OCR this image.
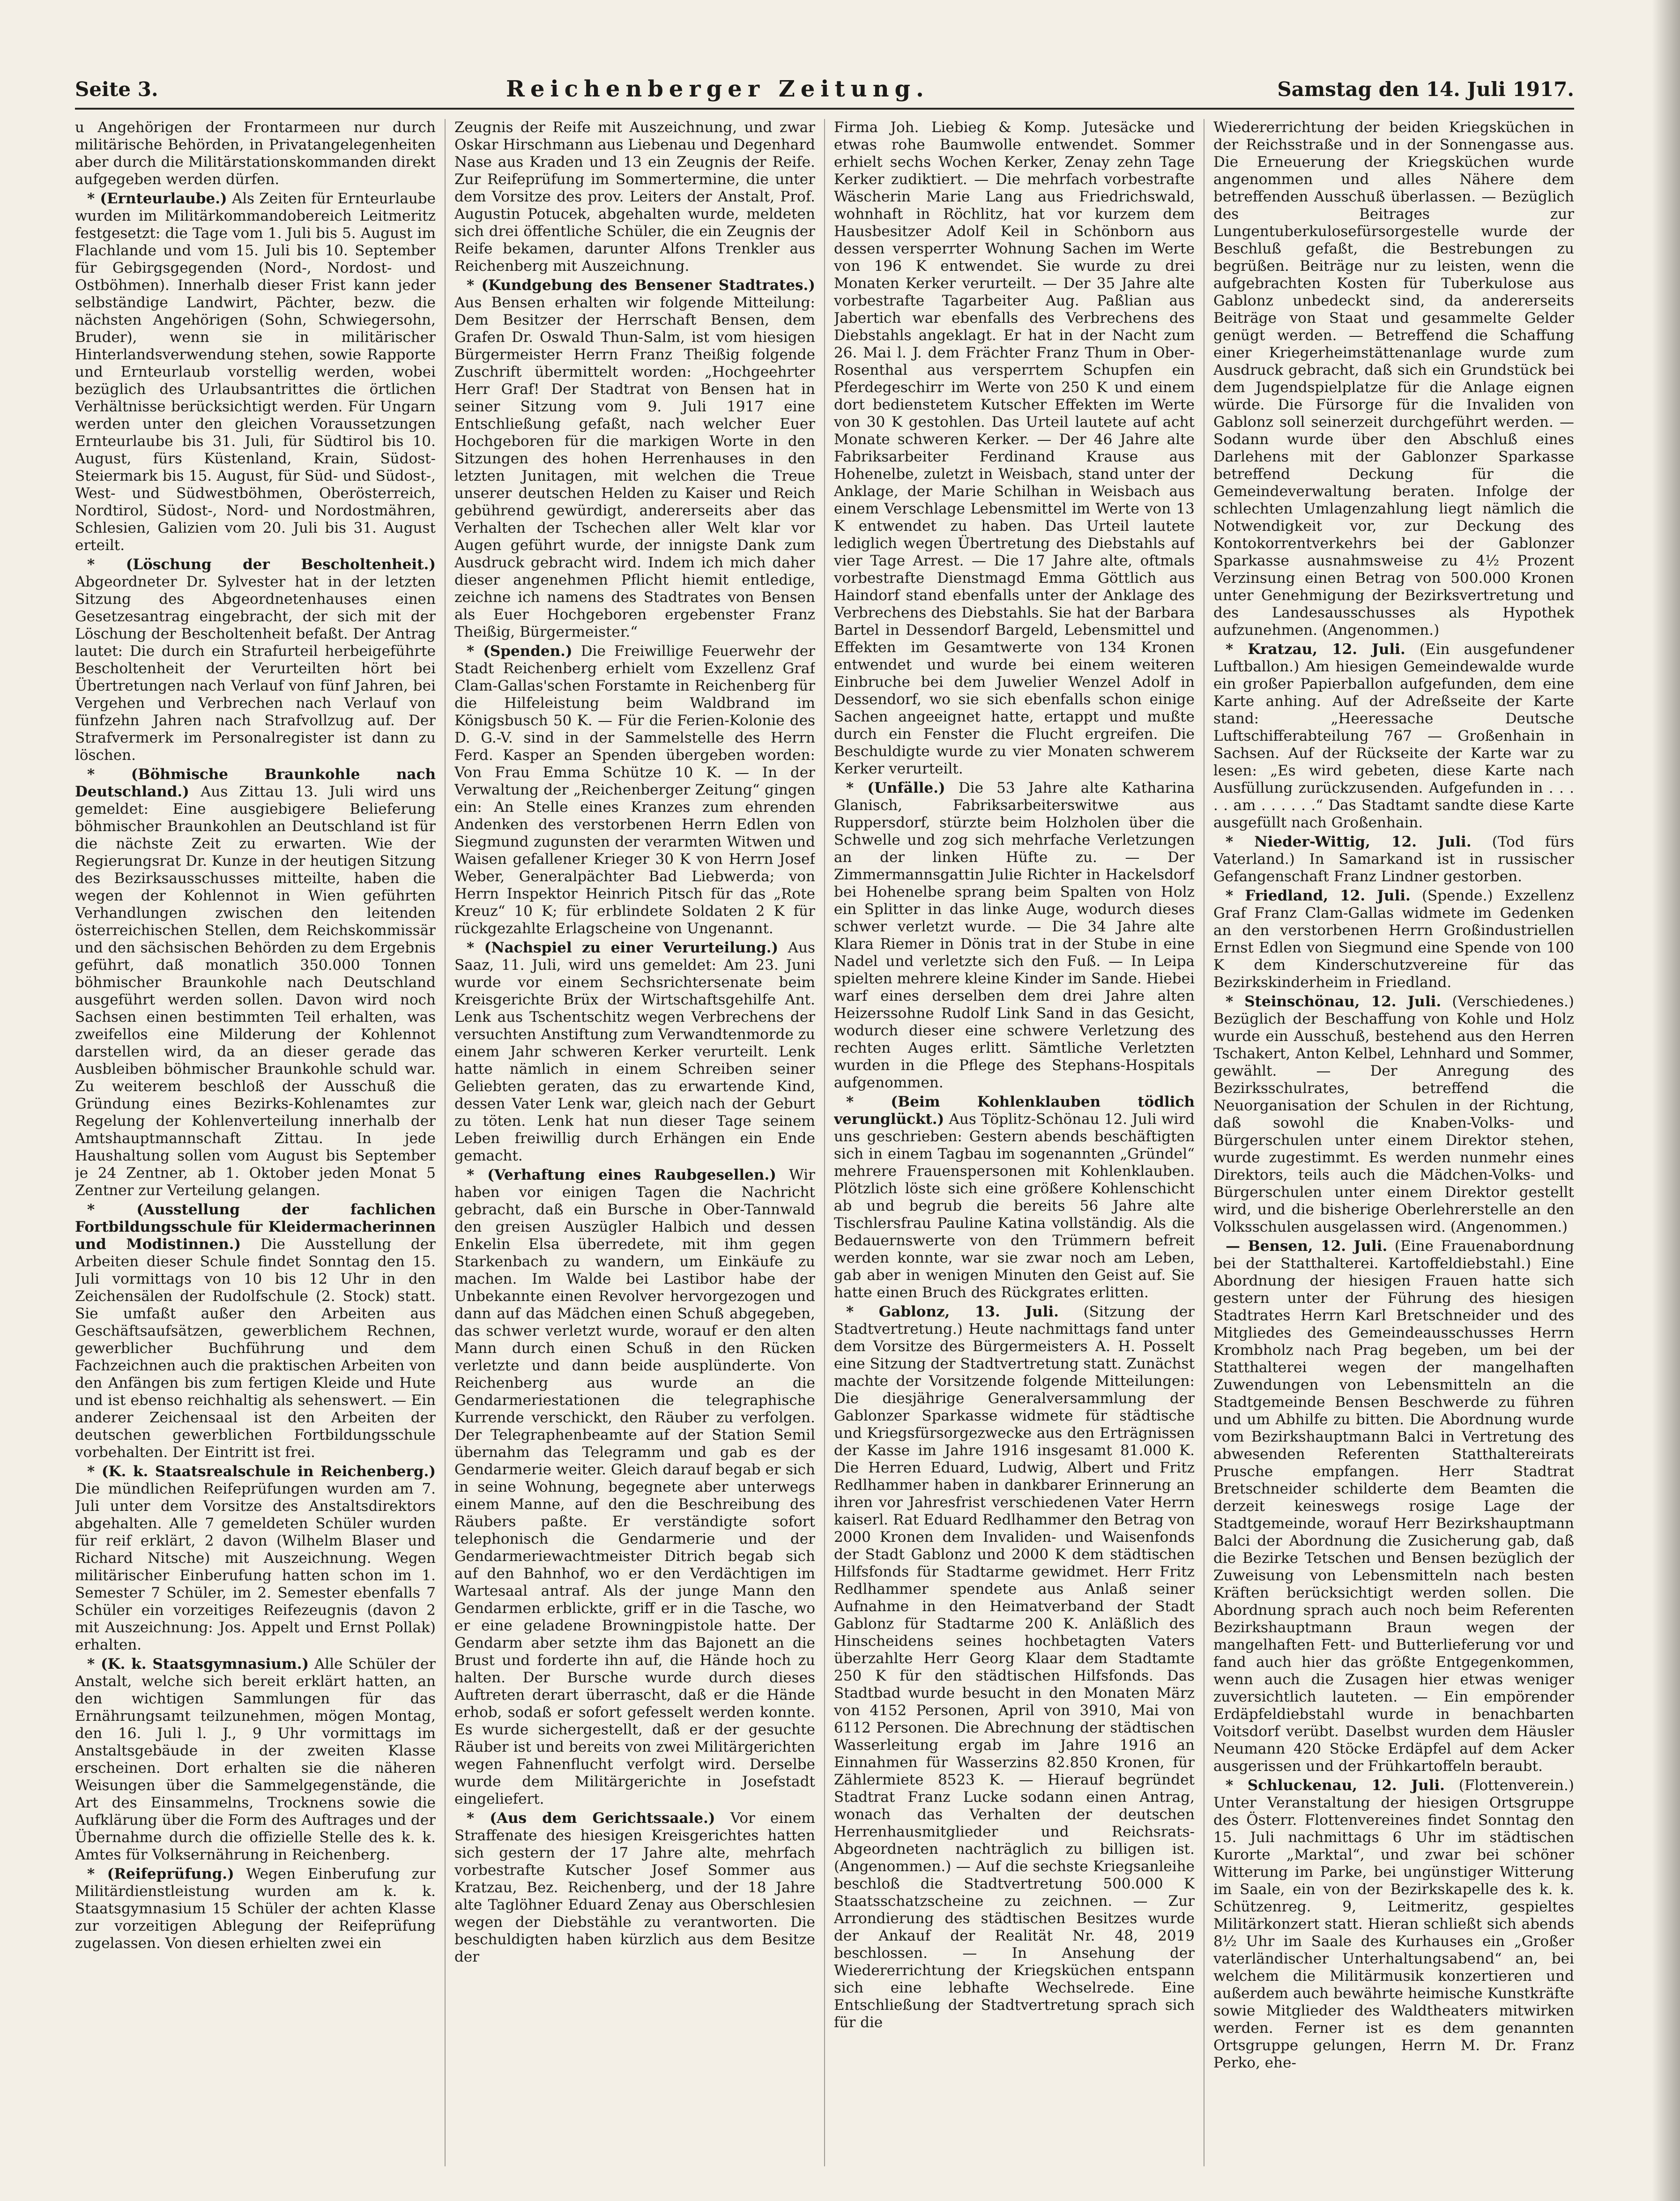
Seite 3.	Reichenberger Zeitung.	Samstag den 14. Juli 1917.

u Angehörigen der Frontarmeen nur durch militärische Behörden, in Privatangelegenheiten aber durch die Militärstationskommanden direkt aufgegeben werden dürfen.

* (Ernteurlaube.) Als Zeiten für Ernteurlaube wurden im Militärkommandobereich Leitmeritz festgesetzt: die Tage vom 1. Juli bis 5. August im Flachlande und vom 15. Juli bis 10. September für Gebirgsgegenden (Nord-, Nordost- und Ostböhmen). Innerhalb dieser Frist kann jeder selbständige Landwirt, Pächter, bezw. die nächsten Angehörigen (Sohn, Schwiegersohn, Bruder), wenn sie in militärischer Hinterlandsverwendung stehen, sowie Rapporte und Ernteurlaub vorstellig werden, wobei bezüglich des Urlaubsantrittes die örtlichen Verhältnisse berücksichtigt werden. Für Ungarn werden unter den gleichen Voraussetzungen Ernteurlaube bis 31. Juli, für Südtirol bis 10. August, fürs Küstenland, Krain, Südost-Steiermark bis 15. August, für Süd- und Südost-, West- und Südwestböhmen, Oberösterreich, Nordtirol, Südost-, Nord- und Nordostmähren, Schlesien, Galizien vom 20. Juli bis 31. August erteilt.

* (Löschung der Bescholtenheit.) Abgeordneter Dr. Sylvester hat in der letzten Sitzung des Abgeordnetenhauses einen Gesetzesantrag eingebracht, der sich mit der Löschung der Bescholtenheit befaßt. Der Antrag lautet: Die durch ein Strafurteil herbeigeführte Bescholtenheit der Verurteilten hört bei Übertretungen nach Verlauf von fünf Jahren, bei Vergehen und Verbrechen nach Verlauf von fünfzehn Jahren nach Strafvollzug auf. Der Strafvermerk im Personalregister ist dann zu löschen.

* (Böhmische Braunkohle nach Deutschland.) Aus Zittau 13. Juli wird uns gemeldet: Eine ausgiebigere Belieferung böhmischer Braunkohlen an Deutschland ist für die nächste Zeit zu erwarten. Wie der Regierungsrat Dr. Kunze in der heutigen Sitzung des Bezirksausschusses mitteilte, haben die wegen der Kohlennot in Wien geführten Verhandlungen zwischen den leitenden österreichischen Stellen, dem Reichskommissär und den sächsischen Behörden zu dem Ergebnis geführt, daß monatlich 350.000 Tonnen böhmischer Braunkohle nach Deutschland ausgeführt werden sollen. Davon wird noch Sachsen einen bestimmten Teil erhalten, was zweifellos eine Milderung der Kohlennot darstellen wird, da an dieser gerade das Ausbleiben böhmischer Braunkohle schuld war. Zu weiterem beschloß der Ausschuß die Gründung eines Bezirks-Kohlenamtes zur Regelung der Kohlenverteilung innerhalb der Amtshauptmannschaft Zittau. In jede Haushaltung sollen vom August bis September je 24 Zentner, ab 1. Oktober jeden Monat 5 Zentner zur Verteilung gelangen.

* (Ausstellung der fachlichen Fortbildungsschule für Kleidermacherinnen und Modistinnen.) Die Ausstellung der Arbeiten dieser Schule findet Sonntag den 15. Juli vormittags von 10 bis 12 Uhr in den Zeichensälen der Rudolfschule (2. Stock) statt. Sie umfaßt außer den Arbeiten aus Geschäftsaufsätzen, gewerblichem Rechnen, gewerblicher Buchführung und dem Fachzeichnen auch die praktischen Arbeiten von den Anfängen bis zum fertigen Kleide und Hute und ist ebenso reichhaltig als sehenswert. — Ein anderer Zeichensaal ist den Arbeiten der deutschen gewerblichen Fortbildungsschule vorbehalten. Der Eintritt ist frei.

* (K. k. Staatsrealschule in Reichenberg.) Die mündlichen Reifeprüfungen wurden am 7. Juli unter dem Vorsitze des Anstaltsdirektors abgehalten. Alle 7 gemeldeten Schüler wurden für reif erklärt, 2 davon (Wilhelm Blaser und Richard Nitsche) mit Auszeichnung. Wegen militärischer Einberufung hatten schon im 1. Semester 7 Schüler, im 2. Semester ebenfalls 7 Schüler ein vorzeitiges Reifezeugnis (davon 2 mit Auszeichnung: Jos. Appelt und Ernst Pollak) erhalten.

* (K. k. Staatsgymnasium.) Alle Schüler der Anstalt, welche sich bereit erklärt hatten, an den wichtigen Sammlungen für das Ernährungsamt teilzunehmen, mögen Montag, den 16. Juli l. J., 9 Uhr vormittags im Anstaltsgebäude in der zweiten Klasse erscheinen. Dort erhalten sie die näheren Weisungen über die Sammelgegenstände, die Art des Einsammelns, Trocknens sowie die Aufklärung über die Form des Auftrages und der Übernahme durch die offizielle Stelle des k. k. Amtes für Volksernährung in Reichenberg.

* (Reifeprüfung.) Wegen Einberufung zur Militärdienstleistung wurden am k. k. Staatsgymnasium 15 Schüler der achten Klasse zur vorzeitigen Ablegung der Reifeprüfung zugelassen. Von diesen erhielten zwei ein

Zeugnis der Reife mit Auszeichnung, und zwar Oskar Hirschmann aus Liebenau und Degenhard Nase aus Kraden und 13 ein Zeugnis der Reife. Zur Reifeprüfung im Sommertermine, die unter dem Vorsitze des prov. Leiters der Anstalt, Prof. Augustin Potucek, abgehalten wurde, meldeten sich drei öffentliche Schüler, die ein Zeugnis der Reife bekamen, darunter Alfons Trenkler aus Reichenberg mit Auszeichnung.

* (Kundgebung des Bensener Stadtrates.) Aus Bensen erhalten wir folgende Mitteilung: Dem Besitzer der Herrschaft Bensen, dem Grafen Dr. Oswald Thun-Salm, ist vom hiesigen Bürgermeister Herrn Franz Theißig folgende Zuschrift übermittelt worden: „Hochgeehrter Herr Graf! Der Stadtrat von Bensen hat in seiner Sitzung vom 9. Juli 1917 eine Entschließung gefaßt, nach welcher Euer Hochgeboren für die markigen Worte in den Sitzungen des hohen Herrenhauses in den letzten Junitagen, mit welchen die Treue unserer deutschen Helden zu Kaiser und Reich gebührend gewürdigt, andererseits aber das Verhalten der Tschechen aller Welt klar vor Augen geführt wurde, der innigste Dank zum Ausdruck gebracht wird. Indem ich mich daher dieser angenehmen Pflicht hiemit entledige, zeichne ich namens des Stadtrates von Bensen als Euer Hochgeboren ergebenster Franz Theißig, Bürgermeister.“

* (Spenden.) Die Freiwillige Feuerwehr der Stadt Reichenberg erhielt vom Exzellenz Graf Clam-Gallas'schen Forstamte in Reichenberg für die Hilfeleistung beim Waldbrand im Königsbusch 50 K. — Für die Ferien-Kolonie des D. G.-V. sind in der Sammelstelle des Herrn Ferd. Kasper an Spenden übergeben worden: Von Frau Emma Schütze 10 K. — In der Verwaltung der „Reichenberger Zeitung“ gingen ein: An Stelle eines Kranzes zum ehrenden Andenken des verstorbenen Herrn Edlen von Siegmund zugunsten der verarmten Witwen und Waisen gefallener Krieger 30 K von Herrn Josef Weber, Generalpächter Bad Liebwerda; von Herrn Inspektor Heinrich Pitsch für das „Rote Kreuz“ 10 K; für erblindete Soldaten 2 K für rückgezahlte Erlagscheine von Ungenannt.

* (Nachspiel zu einer Verurteilung.) Aus Saaz, 11. Juli, wird uns gemeldet: Am 23. Juni wurde vor einem Sechsrichtersenate beim Kreisgerichte Brüx der Wirtschaftsgehilfe Ant. Lenk aus Tschentschitz wegen Verbrechens der versuchten Anstiftung zum Verwandtenmorde zu einem Jahr schweren Kerker verurteilt. Lenk hatte nämlich in einem Schreiben seiner Geliebten geraten, das zu erwartende Kind, dessen Vater Lenk war, gleich nach der Geburt zu töten. Lenk hat nun dieser Tage seinem Leben freiwillig durch Erhängen ein Ende gemacht.

* (Verhaftung eines Raubgesellen.) Wir haben vor einigen Tagen die Nachricht gebracht, daß ein Bursche in Ober-Tannwald den greisen Auszügler Halbich und dessen Enkelin Elsa überredete, mit ihm gegen Starkenbach zu wandern, um Einkäufe zu machen. Im Walde bei Lastibor habe der Unbekannte einen Revolver hervorgezogen und dann auf das Mädchen einen Schuß abgegeben, das schwer verletzt wurde, worauf er den alten Mann durch einen Schuß in den Rücken verletzte und dann beide ausplünderte. Von Reichenberg aus wurde an die Gendarmeriestationen die telegraphische Kurrende verschickt, den Räuber zu verfolgen. Der Telegraphenbeamte auf der Station Semil übernahm das Telegramm und gab es der Gendarmerie weiter. Gleich darauf begab er sich in seine Wohnung, begegnete aber unterwegs einem Manne, auf den die Beschreibung des Räubers paßte. Er verständigte sofort telephonisch die Gendarmerie und der Gendarmeriewachtmeister Ditrich begab sich auf den Bahnhof, wo er den Verdächtigen im Wartesaal antraf. Als der junge Mann den Gendarmen erblickte, griff er in die Tasche, wo er eine geladene Browningpistole hatte. Der Gendarm aber setzte ihm das Bajonett an die Brust und forderte ihn auf, die Hände hoch zu halten. Der Bursche wurde durch dieses Auftreten derart überrascht, daß er die Hände erhob, sodaß er sofort gefesselt werden konnte. Es wurde sichergestellt, daß er der gesuchte Räuber ist und bereits von zwei Militärgerichten wegen Fahnenflucht verfolgt wird. Derselbe wurde dem Militärgerichte in Josefstadt eingeliefert.

* (Aus dem Gerichtssaale.) Vor einem Straffenate des hiesigen Kreisgerichtes hatten sich gestern der 17 Jahre alte, mehrfach vorbestrafte Kutscher Josef Sommer aus Kratzau, Bez. Reichenberg, und der 18 Jahre alte Taglöhner Eduard Zenay aus Oberschlesien wegen der Diebstähle zu verantworten. Die beschuldigten haben kürzlich aus dem Besitze der

Firma Joh. Liebieg & Komp. Jutesäcke und etwas rohe Baumwolle entwendet. Sommer erhielt sechs Wochen Kerker, Zenay zehn Tage Kerker zudiktiert. — Die mehrfach vorbestrafte Wäscherin Marie Lang aus Friedrichswald, wohnhaft in Röchlitz, hat vor kurzem dem Hausbesitzer Adolf Keil in Schönborn aus dessen versperrter Wohnung Sachen im Werte von 196 K entwendet. Sie wurde zu drei Monaten Kerker verurteilt. — Der 35 Jahre alte vorbestrafte Tagarbeiter Aug. Paßlian aus Jabertich war ebenfalls des Verbrechens des Diebstahls angeklagt. Er hat in der Nacht zum 26. Mai l. J. dem Frächter Franz Thum in Ober-Rosenthal aus versperrtem Schupfen ein Pferdegeschirr im Werte von 250 K und einem dort bedienstetem Kutscher Effekten im Werte von 30 K gestohlen. Das Urteil lautete auf acht Monate schweren Kerker. — Der 46 Jahre alte Fabriksarbeiter Ferdinand Krause aus Hohenelbe, zuletzt in Weisbach, stand unter der Anklage, der Marie Schilhan in Weisbach aus einem Verschlage Lebensmittel im Werte von 13 K entwendet zu haben. Das Urteil lautete lediglich wegen Übertretung des Diebstahls auf vier Tage Arrest. — Die 17 Jahre alte, oftmals vorbestrafte Dienstmagd Emma Göttlich aus Haindorf stand ebenfalls unter der Anklage des Verbrechens des Diebstahls. Sie hat der Barbara Bartel in Dessendorf Bargeld, Lebensmittel und Effekten im Gesamtwerte von 134 Kronen entwendet und wurde bei einem weiteren Einbruche bei dem Juwelier Wenzel Adolf in Dessendorf, wo sie sich ebenfalls schon einige Sachen angeeignet hatte, ertappt und mußte durch ein Fenster die Flucht ergreifen. Die Beschuldigte wurde zu vier Monaten schwerem Kerker verurteilt.

* (Unfälle.) Die 53 Jahre alte Katharina Glanisch, Fabriksarbeiterswitwe aus Ruppersdorf, stürzte beim Holzholen über die Schwelle und zog sich mehrfache Verletzungen an der linken Hüfte zu. — Der Zimmermannsgattin Julie Richter in Hackelsdorf bei Hohenelbe sprang beim Spalten von Holz ein Splitter in das linke Auge, wodurch dieses schwer verletzt wurde. — Die 34 Jahre alte Klara Riemer in Dönis trat in der Stube in eine Nadel und verletzte sich den Fuß. — In Leipa spielten mehrere kleine Kinder im Sande. Hiebei warf eines derselben dem drei Jahre alten Heizerssohne Rudolf Link Sand in das Gesicht, wodurch dieser eine schwere Verletzung des rechten Auges erlitt. Sämtliche Verletzten wurden in die Pflege des Stephans-Hospitals aufgenommen.

* (Beim Kohlenklauben tödlich verunglückt.) Aus Töplitz-Schönau 12. Juli wird uns geschrieben: Gestern abends beschäftigten sich in einem Tagbau im sogenannten „Gründel“ mehrere Frauenspersonen mit Kohlenklauben. Plötzlich löste sich eine größere Kohlenschicht ab und begrub die bereits 56 Jahre alte Tischlersfrau Pauline Katina vollständig. Als die Bedauernswerte von den Trümmern befreit werden konnte, war sie zwar noch am Leben, gab aber in wenigen Minuten den Geist auf. Sie hatte einen Bruch des Rückgrates erlitten.

* Gablonz, 13. Juli. (Sitzung der Stadtvertretung.) Heute nachmittags fand unter dem Vorsitze des Bürgermeisters A. H. Posselt eine Sitzung der Stadtvertretung statt. Zunächst machte der Vorsitzende folgende Mitteilungen: Die diesjährige Generalversammlung der Gablonzer Sparkasse widmete für städtische und Kriegsfürsorgezwecke aus den Erträgnissen der Kasse im Jahre 1916 insgesamt 81.000 K. Die Herren Eduard, Ludwig, Albert und Fritz Redlhammer haben in dankbarer Erinnerung an ihren vor Jahresfrist verschiedenen Vater Herrn kaiserl. Rat Eduard Redlhammer den Betrag von 2000 Kronen dem Invaliden- und Waisenfonds der Stadt Gablonz und 2000 K dem städtischen Hilfsfonds für Stadtarme gewidmet. Herr Fritz Redlhammer spendete aus Anlaß seiner Aufnahme in den Heimatverband der Stadt Gablonz für Stadtarme 200 K. Anläßlich des Hinscheidens seines hochbetagten Vaters überzahlte Herr Georg Klaar dem Stadtamte 250 K für den städtischen Hilfsfonds. Das Stadtbad wurde besucht in den Monaten März von 4152 Personen, April von 3910, Mai von 6112 Personen. Die Abrechnung der städtischen Wasserleitung ergab im Jahre 1916 an Einnahmen für Wasserzins 82.850 Kronen, für Zählermiete 8523 K. — Hierauf begründet Stadtrat Franz Lucke sodann einen Antrag, wonach das Verhalten der deutschen Herrenhausmitglieder und Reichsrats-Abgeordneten nachträglich zu billigen ist. (Angenommen.) — Auf die sechste Kriegsanleihe beschloß die Stadtvertretung 500.000 K Staatsschatzscheine zu zeichnen. — Zur Arrondierung des städtischen Besitzes wurde der Ankauf der Realität Nr. 48, 2019 beschlossen. — In Ansehung der Wiedererrichtung der Kriegsküchen entspann sich eine lebhafte Wechselrede. Eine Entschließung der Stadtvertretung sprach sich für die

Wiedererrichtung der beiden Kriegsküchen in der Reichsstraße und in der Sonnengasse aus. Die Erneuerung der Kriegsküchen wurde angenommen und alles Nähere dem betreffenden Ausschuß überlassen. — Bezüglich des Beitrages zur Lungentuberkulosefürsorgestelle wurde der Beschluß gefaßt, die Bestrebungen zu begrüßen. Beiträge nur zu leisten, wenn die aufgebrachten Kosten für Tuberkulose aus Gablonz unbedeckt sind, da andererseits Beiträge von Staat und gesammelte Gelder genügt werden. — Betreffend die Schaffung einer Kriegerheimstättenanlage wurde zum Ausdruck gebracht, daß sich ein Grundstück bei dem Jugendspielplatze für die Anlage eignen würde. Die Fürsorge für die Invaliden von Gablonz soll seinerzeit durchgeführt werden. — Sodann wurde über den Abschluß eines Darlehens mit der Gablonzer Sparkasse betreffend Deckung für die Gemeindeverwaltung beraten. Infolge der schlechten Umlagenzahlung liegt nämlich die Notwendigkeit vor, zur Deckung des Kontokorrentverkehrs bei der Gablonzer Sparkasse ausnahmsweise zu 4½ Prozent Verzinsung einen Betrag von 500.000 Kronen unter Genehmigung der Bezirksvertretung und des Landesausschusses als Hypothek aufzunehmen. (Angenommen.)

* Kratzau, 12. Juli. (Ein ausgefundener Luftballon.) Am hiesigen Gemeindewalde wurde ein großer Papierballon aufgefunden, dem eine Karte anhing. Auf der Adreßseite der Karte stand: „Heeressache Deutsche Luftschifferabteilung 767 — Großenhain in Sachsen. Auf der Rückseite der Karte war zu lesen: „Es wird gebeten, diese Karte nach Ausfüllung zurückzusenden. Aufgefunden in . . . . . am . . . . . .“ Das Stadtamt sandte diese Karte ausgefüllt nach Großenhain.

* Nieder-Wittig, 12. Juli. (Tod fürs Vaterland.) In Samarkand ist in russischer Gefangenschaft Franz Lindner gestorben.

* Friedland, 12. Juli. (Spende.) Exzellenz Graf Franz Clam-Gallas widmete im Gedenken an den verstorbenen Herrn Großindustriellen Ernst Edlen von Siegmund eine Spende von 100 K dem Kinderschutzvereine für das Bezirkskinderheim in Friedland.

* Steinschönau, 12. Juli. (Verschiedenes.) Bezüglich der Beschaffung von Kohle und Holz wurde ein Ausschuß, bestehend aus den Herren Tschakert, Anton Kelbel, Lehnhard und Sommer, gewählt. — Der Anregung des Bezirksschulrates, betreffend die Neuorganisation der Schulen in der Richtung, daß sowohl die Knaben-Volks- und Bürgerschulen unter einem Direktor stehen, wurde zugestimmt. Es werden nunmehr eines Direktors, teils auch die Mädchen-Volks- und Bürgerschulen unter einem Direktor gestellt wird, und die bisherige Oberlehrerstelle an den Volksschulen ausgelassen wird. (Angenommen.)

— Bensen, 12. Juli. (Eine Frauenabordnung bei der Statthalterei. Kartoffeldiebstahl.) Eine Abordnung der hiesigen Frauen hatte sich gestern unter der Führung des hiesigen Stadtrates Herrn Karl Bretschneider und des Mitgliedes des Gemeindeausschusses Herrn Krombholz nach Prag begeben, um bei der Statthalterei wegen der mangelhaften Zuwendungen von Lebensmitteln an die Stadtgemeinde Bensen Beschwerde zu führen und um Abhilfe zu bitten. Die Abordnung wurde vom Bezirkshauptmann Balci in Vertretung des abwesenden Referenten Statthaltereirats Prusche empfangen. Herr Stadtrat Bretschneider schilderte dem Beamten die derzeit keineswegs rosige Lage der Stadtgemeinde, worauf Herr Bezirkshauptmann Balci der Abordnung die Zusicherung gab, daß die Bezirke Tetschen und Bensen bezüglich der Zuweisung von Lebensmitteln nach besten Kräften berücksichtigt werden sollen. Die Abordnung sprach auch noch beim Referenten Bezirkshauptmann Braun wegen der mangelhaften Fett- und Butterlieferung vor und fand auch hier das größte Entgegenkommen, wenn auch die Zusagen hier etwas weniger zuversichtlich lauteten. — Ein empörender Erdäpfeldiebstahl wurde in benachbarten Voitsdorf verübt. Daselbst wurden dem Häusler Neumann 420 Stöcke Erdäpfel auf dem Acker ausgerissen und der Frühkartoffeln beraubt.

* Schluckenau, 12. Juli. (Flottenverein.) Unter Veranstaltung der hiesigen Ortsgruppe des Österr. Flottenvereines findet Sonntag den 15. Juli nachmittags 6 Uhr im städtischen Kurorte „Marktal“, und zwar bei schöner Witterung im Parke, bei ungünstiger Witterung im Saale, ein von der Bezirkskapelle des k. k. Schützenreg. 9, Leitmeritz, gespieltes Militärkonzert statt. Hieran schließt sich abends 8½ Uhr im Saale des Kurhauses ein „Großer vaterländischer Unterhaltungsabend“ an, bei welchem die Militärmusik konzertieren und außerdem auch bewährte heimische Kunstkräfte sowie Mitglieder des Waldtheaters mitwirken werden. Ferner ist es dem genannten Ortsgruppe gelungen, Herrn M. Dr. Franz Perko, ehe-
